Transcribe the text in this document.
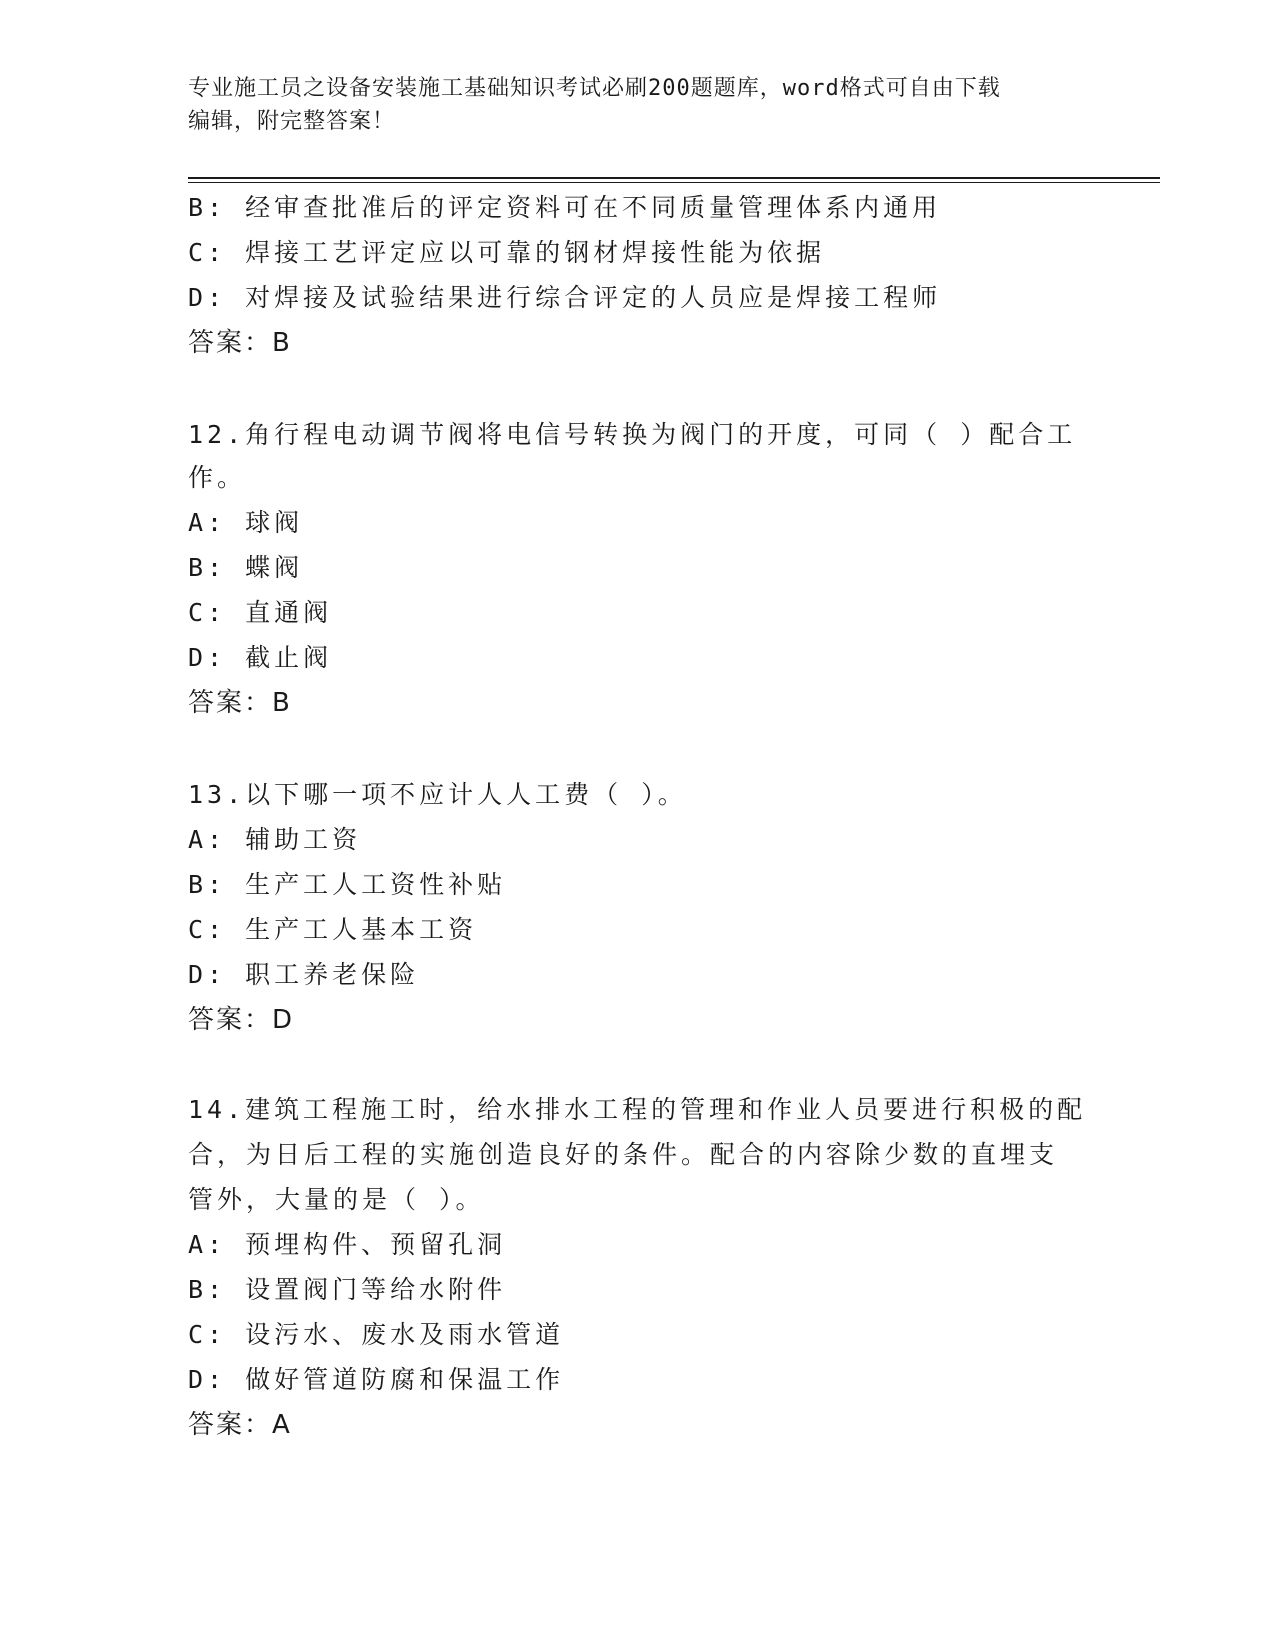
专业施工员之设备安装施工基础知识考试必刷200题题库，word格式可自由下载
编辑，附完整答案！
B: 经审查批准后的评定资料可在不同质量管理体系内通用
C: 焊接工艺评定应以可靠的钢材焊接性能为依据
D: 对焊接及试验结果进行综合评定的人员应是焊接工程师
答案：B
12.角行程电动调节阀将电信号转换为阀门的开度，可同（ ）配合工
作。
A: 球阀
B: 蝶阀
C: 直通阀
D: 截止阀
答案：B
13.以下哪一项不应计人人工费（ ）。
A: 辅助工资
B: 生产工人工资性补贴
C: 生产工人基本工资
D: 职工养老保险
答案：D
14.建筑工程施工时，给水排水工程的管理和作业人员要进行积极的配
合，为日后工程的实施创造良好的条件。配合的内容除少数的直埋支
管外，大量的是（ ）。
A: 预埋构件、预留孔洞
B: 设置阀门等给水附件
C: 设污水、废水及雨水管道
D: 做好管道防腐和保温工作
答案：A
